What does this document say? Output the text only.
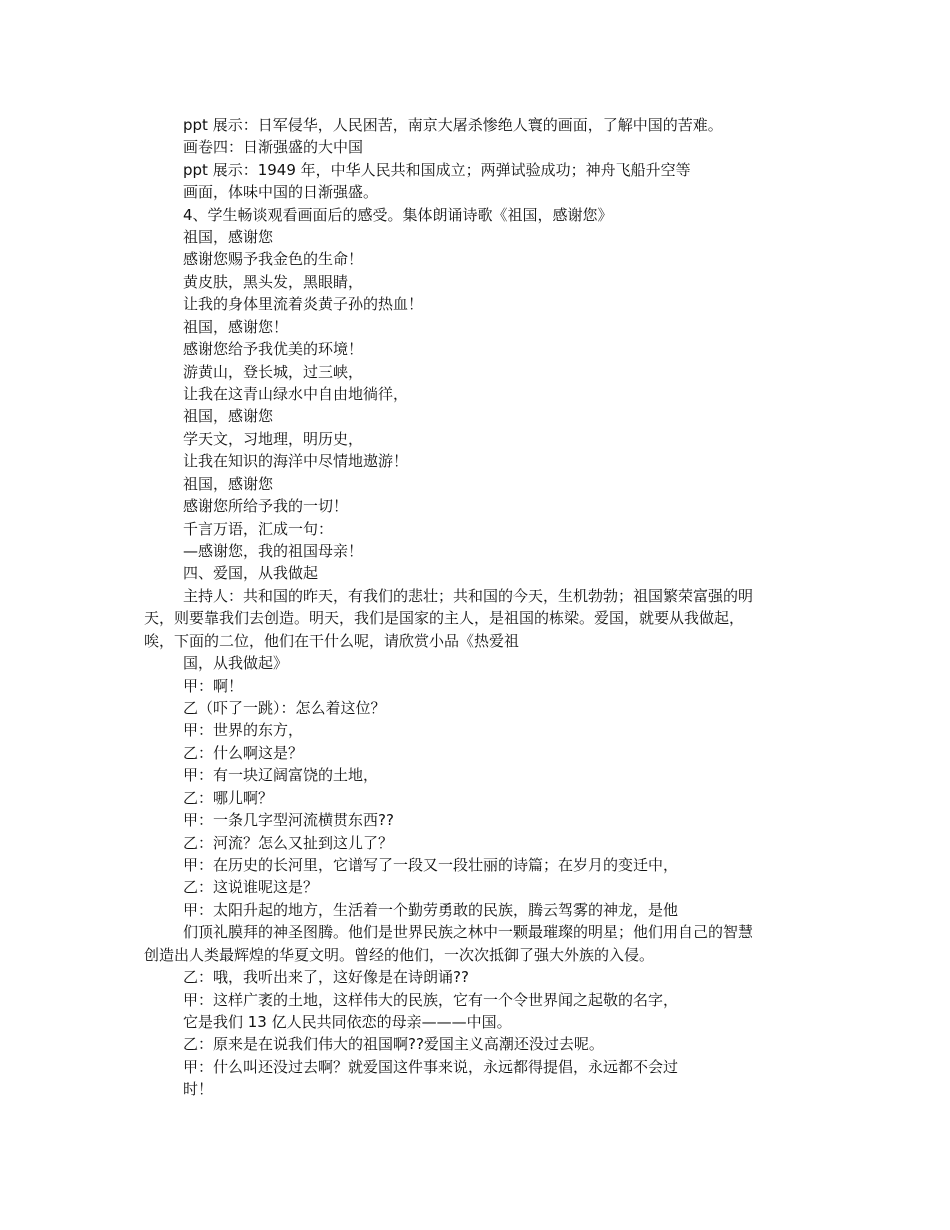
ppt 展示：日军侵华，人民困苦，南京大屠杀惨绝人寰的画面，了解中国的苦难。
画卷四：日渐强盛的大中国
ppt 展示：1949 年，中华人民共和国成立；两弹试验成功；神舟飞船升空等
画面，体味中国的日渐强盛。
4、学生畅谈观看画面后的感受。集体朗诵诗歌《祖国，感谢您》
祖国，感谢您
感谢您赐予我金色的生命！
黄皮肤，黑头发，黑眼睛，
让我的身体里流着炎黄子孙的热血！
祖国，感谢您！
感谢您给予我优美的环境！
游黄山，登长城，过三峡，
让我在这青山绿水中自由地徜徉，
祖国，感谢您
学天文，习地理，明历史，
让我在知识的海洋中尽情地遨游！
祖国，感谢您
感谢您所给予我的一切！
千言万语，汇成一句：
—感谢您，我的祖国母亲！
四、爱国，从我做起
主持人：共和国的昨天，有我们的悲壮；共和国的今天，生机勃勃；祖国繁荣富强的明
天，则要靠我们去创造。明天，我们是国家的主人，是祖国的栋梁。爱国，就要从我做起，
唉，下面的二位，他们在干什么呢，请欣赏小品《热爱祖
国，从我做起》
甲：啊！
乙（吓了一跳）：怎么着这位？
甲：世界的东方，
乙：什么啊这是？
甲：有一块辽阔富饶的土地，
乙：哪儿啊？
甲：一条几字型河流横贯东西??
乙：河流？怎么又扯到这儿了？
甲：在历史的长河里，它谱写了一段又一段壮丽的诗篇；在岁月的变迁中，
乙：这说谁呢这是？
甲：太阳升起的地方，生活着一个勤劳勇敢的民族，腾云驾雾的神龙，是他
们顶礼膜拜的神圣图腾。他们是世界民族之林中一颗最璀璨的明星；他们用自己的智慧
创造出人类最辉煌的华夏文明。曾经的他们，一次次抵御了强大外族的入侵。
乙：哦，我听出来了，这好像是在诗朗诵??
甲：这样广袤的土地，这样伟大的民族，它有一个令世界闻之起敬的名字，
它是我们 13 亿人民共同依恋的母亲———中国。
乙：原来是在说我们伟大的祖国啊??爱国主义高潮还没过去呢。
甲：什么叫还没过去啊？就爱国这件事来说，永远都得提倡，永远都不会过
时！
